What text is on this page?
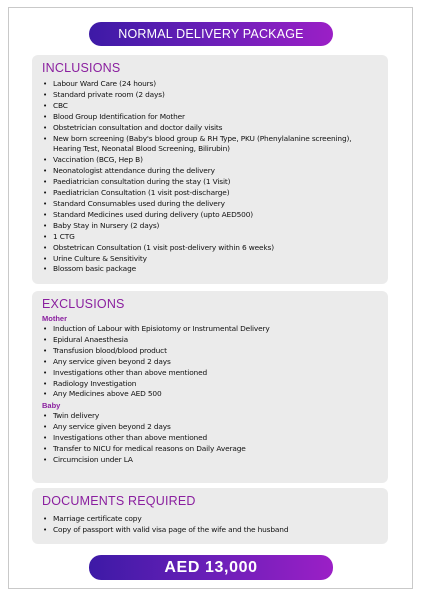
NORMAL DELIVERY PACKAGE
INCLUSIONS
• Labour Ward Care (24 hours)
• Standard private room (2 days)
• CBC
• Blood Group Identification for Mother
• Obstetrician consultation and doctor daily visits
• New born screening (Baby's blood group & RH Type, PKU (Phenylalanine screening), Hearing Test, Neonatal Blood Screening, Bilirubin)
• Vaccination (BCG, Hep B)
• Neonatologist attendance during the delivery
• Paediatrician consultation during the stay (1 Visit)
• Paediatrician Consultation (1 visit post-discharge)
• Standard Consumables used during the delivery
• Standard Medicines used during delivery (upto AED500)
• Baby Stay in Nursery (2 days)
• 1 CTG
• Obstetrican Consultation (1 visit post-delivery within 6 weeks)
• Urine Culture & Sensitivity
• Blossom basic package
EXCLUSIONS
Mother
• Induction of Labour with Episiotomy or Instrumental Delivery
• Epidural Anaesthesia
• Transfusion blood/blood product
• Any service given beyond 2 days
• Investigations other than above mentioned
• Radiology Investigation
• Any Medicines above AED 500
Baby
• Twin delivery
• Any service given beyond 2 days
• Investigations other than above mentioned
• Transfer to NICU for medical reasons on Daily Average
• Circumcision under LA
DOCUMENTS REQUIRED
• Marriage certificate copy
• Copy of passport with valid visa page of the wife and the husband
AED 13,000
